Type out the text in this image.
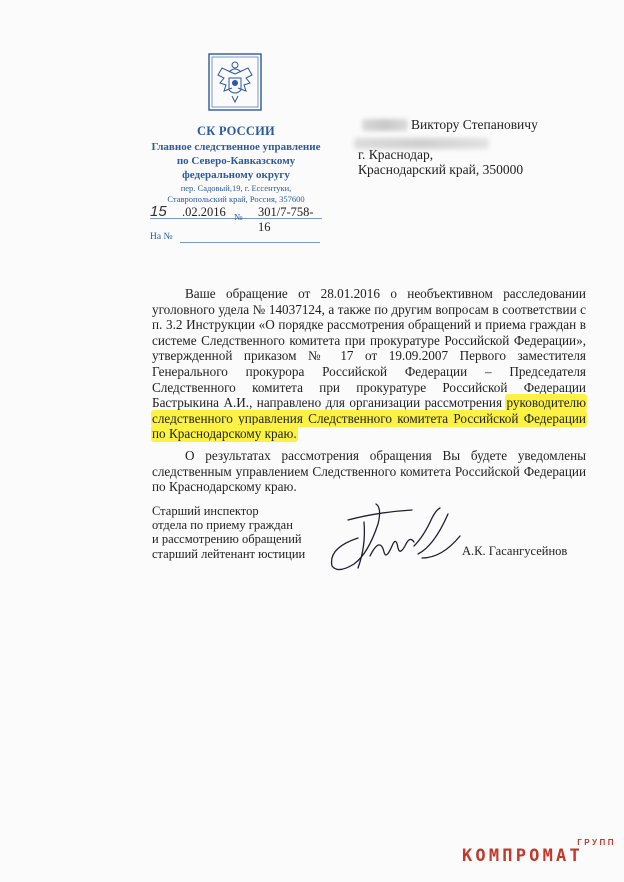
СК РОССИИ
Главное следственное управление
по Северо-Кавказскому
федеральному округу
пер. Садовый,19, г. Ессентуки,
Ставропольский край, Россия, 357600
15	.02.2016	301/7-758-16
№
На №
Виктору Степановичу
г. Краснодар,
Краснодарский край, 350000

Ваше обращение от 28.01.2016 о необъективном расследовании уголовного удела № 14037124, а также по другим вопросам в соответствии с п. 3.2 Инструкции «О порядке рассмотрения обращений и приема граждан в системе Следственного комитета при прокуратуре Российской Федерации», утвержденной приказом № 17 от 19.09.2007 Первого заместителя Генерального прокурора Российской Федерации – Председателя Следственного комитета при прокуратуре Российской Федерации Бастрыкина А.И., направлено для организации рассмотрения руководителю следственного управления Следственного комитета Российской Федерации по Краснодарскому краю.

О результатах рассмотрения обращения Вы будете уведомлены следственным управлением Следственного комитета Российской Федерации по Краснодарскому краю.

Старший инспектор
отдела по приему граждан
и рассмотрению обращений
старший лейтенант юстиции	А.К. Гасангусейнов
ГРУПП
КОМПРОМАТ
